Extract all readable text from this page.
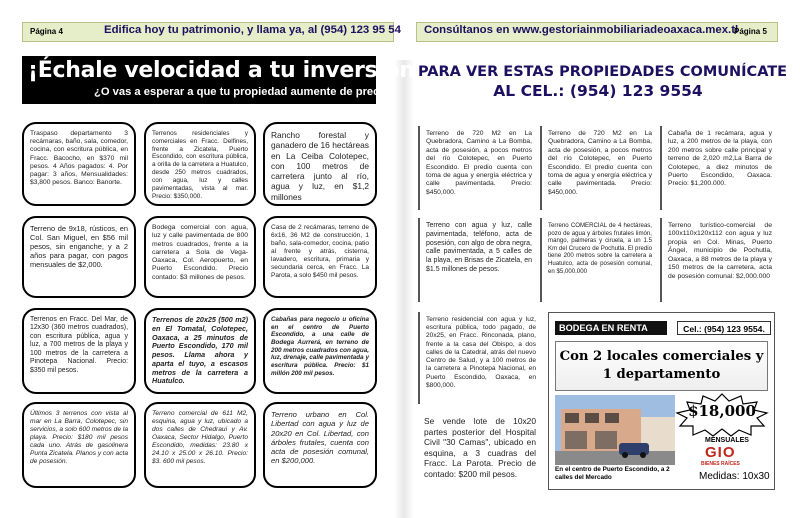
Página 4	Edifica hoy tu patrimonio, y llama ya, al (954) 123 95 54 Consúltanos en www.gestoriainmobiliariadeoaxaca.mex.tl
Página 5
¡Échale velocidad a tu inversión!...
¿O vas a esperar a que tu propiedad aumente de precio?
Traspaso departamento 3 recámaras, baño, sala, comedor, cocina, con escritura pública, en Fracc. Bacocho, en $370 mil pesos. 4 Años pagados: 4. Por pagar: 3 años, Mensualidades: $3,800 pesos. Banco: Banorte.
Terrenos residenciales y comerciales en Fracc. Delfines, frente a Zicatela, Puerto Escondido, con escritura pública, a orilla de la carretera a Huatulco, desde 250 metros cuadrados, con agua, luz y calles pavimentadas, vista al mar. Precio: $350,000.
Rancho forestal y ganadero de 16 hectáreas en La Ceiba Colotepec, con 100 metros de carretera junto al río, agua y luz, en $1,2 millones
Terreno de 9x18, rústicos, en Col. San Miguel, en $56 mil pesos, sin enganche, y a 2 años para pagar, con pagos mensuales de $2,000.
Bodega comercial con agua, luz y calle pavimentada de 800 metros cuadrados, frente a la carretera a Sola de Vega-Oaxaca, Col. Aeropuerto, en Puerto Escondido. Precio contado: $3 millones de pesos.
Casa de 2 recámaras, terreno de 6x16, 36 M2 de construcción, 1 baño, sala-comedor, cocina, patio al frente y atrás, cisterna, lavadero, escritura, primaria y secundaria cerca, en Fracc. La Parota, a solo $450 mil pesos.
Terrenos en Fracc. Del Mar, de 12x30 (360 metros cuadrados), con escritura pública, agua y luz, a 700 metros de la playa y 100 metros de la carretera a Pinotepa Nacional. Precio: $350 mil pesos.
Terrenos de 20x25 (500 m2) en El Tomatal, Colotepec, Oaxaca, a 25 minutos de Puerto Escondido, 170 mil pesos. Llama ahora y aparta el tuyo, a escasos metros de la carretera a Huatulco.
Cabañas para negocio u oficina en el centro de Puerto Escondido, a una calle de Bodega Aurrerá, en terreno de 200 metros cuadrados con agua, luz, drenaje, calle pavimentada y escritura pública. Precio: $1 millón 200 mil pesos.
Últimos 3 terrenos con vista al mar en La Barra, Colotepec, sin servicios, a solo 600 metros de la playa. Precio: $180 mil pesos cada uno. Atrás de gasolinera Punta Zicatela. Planos y con acta de posesión.
Terreno comercial de 611 M2, esquina, agua y luz, ubicado a dos calles de Chedraui y Av. Oaxaca, Sector Hidalgo, Puerto Escondido, medidas: 23.80 x 24.10 x 25.00 x 26.10. Precio: $3. 600 mil pesos.
Terreno urbano en Col. Libertad con agua y luz de 20x20 en Col. Libertad, con árboles frutales, cuenta con acta de posesión comunal, en $200,000.
PARA VER ESTAS PROPIEDADES COMUNÍCATE
AL CEL.: (954) 123 9554
Terreno de 720 M2 en La Quebradora, Camino a La Bomba, acta de posesión, a pocos metros del río Colotepec, en Puerto Escondido. El predio cuenta con toma de agua y energía eléctrica y calle pavimentada. Precio: $450,000.
Terreno de 720 M2 en La Quebradora, Camino a La Bomba, acta de posesión, a pocos metros del río Colotepec, en Puerto Escondido. El predio cuenta con toma de agua y energía eléctrica y calle pavimentada. Precio: $450,000.
Cabaña de 1 recámara, agua y luz, a 200 metros de la playa, con 200 metros sobre calle principal y terreno de 2,020 m2,La Barra de Colotepec, a diez minutos de Puerto Escondido, Oaxaca. Precio: $1,200.000.
Terreno con agua y luz, calle pavimentada, teléfono, acta de posesión, con algo de obra negra, calle pavimentada, a 5 calles de la playa, en Brisas de Zicatela, en $1.5 millones de pesos.
Terreno COMERCIAL de 4 hectáreas, pozo de agua y árboles frutales limón, mango, palmeras y ciruela, a un 1.5 Km del Crucero de Pochutla. El predio tiene 200 metros sobre la carretera a Huatulco, acta de posesión comunal, en $5,000.000
Terreno turístico-comercial de 100x110x120x112 con agua y luz propia en Col. Minas, Puerto Ángel, municipio de Pochutla, Oaxaca, a 88 metros de la playa y 150 metros de la carretera, acta de posesión comunal: $2,000.000
Terreno residencial con agua y luz, escritura pública, todo pagado, de 20x25, en Fracc. Rinconada, plano, frente a la casa del Obispo, a dos calles de la Catedral, atrás del nuevo Centro de Salud, y a 100 metros de la carretera a Pinotepa Nacional, en Puerto Escondido, Oaxaca, en $800,000.
Se vende lote de 10x20 partes posterior del Hospital Civil "30 Camas", ubicado en esquina, a 3 cuadras del Fracc. La Parota. Precio de contado: $200 mil pesos.
BODEGA EN RENTA	Cel.: (954) 123 9554.
Con 2 locales comerciales y 1 departamento
$18,000
MENSUALES
GIO
BIENES RAÍCES
En el centro de Puerto Escondido, a 2 calles del Mercado	Medidas: 10x30
